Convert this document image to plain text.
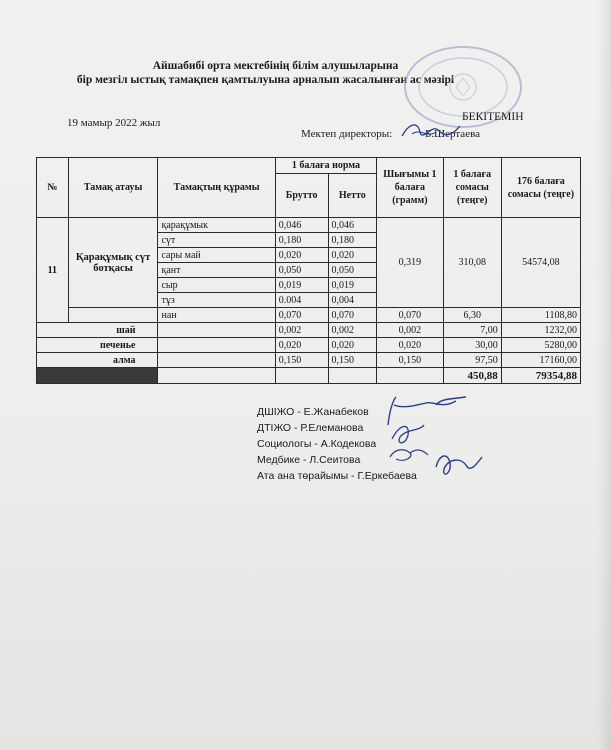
Айшабибі орта мектебінің білім алушыларына
бір мезгіл ыстық тамақпен қамтылуына арналып жасалынған ас мәзірі
19 мамыр 2022 жыл	БЕКІТЕМІН
Мектеп директоры:	Б.Шертаева
№	Тамақ атауы	Тамақтың құрамы	1 балаға норма		Шығымы 1 балаға (грамм)	1 балаға сомасы (теңге)	176 балаға сомасы (теңге)
			Брутто	Нетто			
11	Қарақұмық сүт ботқасы	қарақұмык	0,046	0,046	0,319	310,08	54574,08
		сүт	0,180	0,180			
		сары май	0,020	0,020			
		қант	0,050	0,050			
		сыр	0,019	0,019			
		тұз	0.004	0,004			
		нан	0,070	0,070	0,070	6,30	1108,80
шай			0,002	0,002	0,002	7,00	1232,00
печенье			0,020	0,020	0,020	30,00	5280,00
алма			0,150	0,150	0,150	97,50	17160,00
						450,88	79354,88
ДШІЖО - Е.Жанабеков
ДТІЖО - Р.Елеманова
Социологы - А.Кодекова
Медбике - Л.Сеитова
Ата ана төрайымы - Г.Еркебаева
